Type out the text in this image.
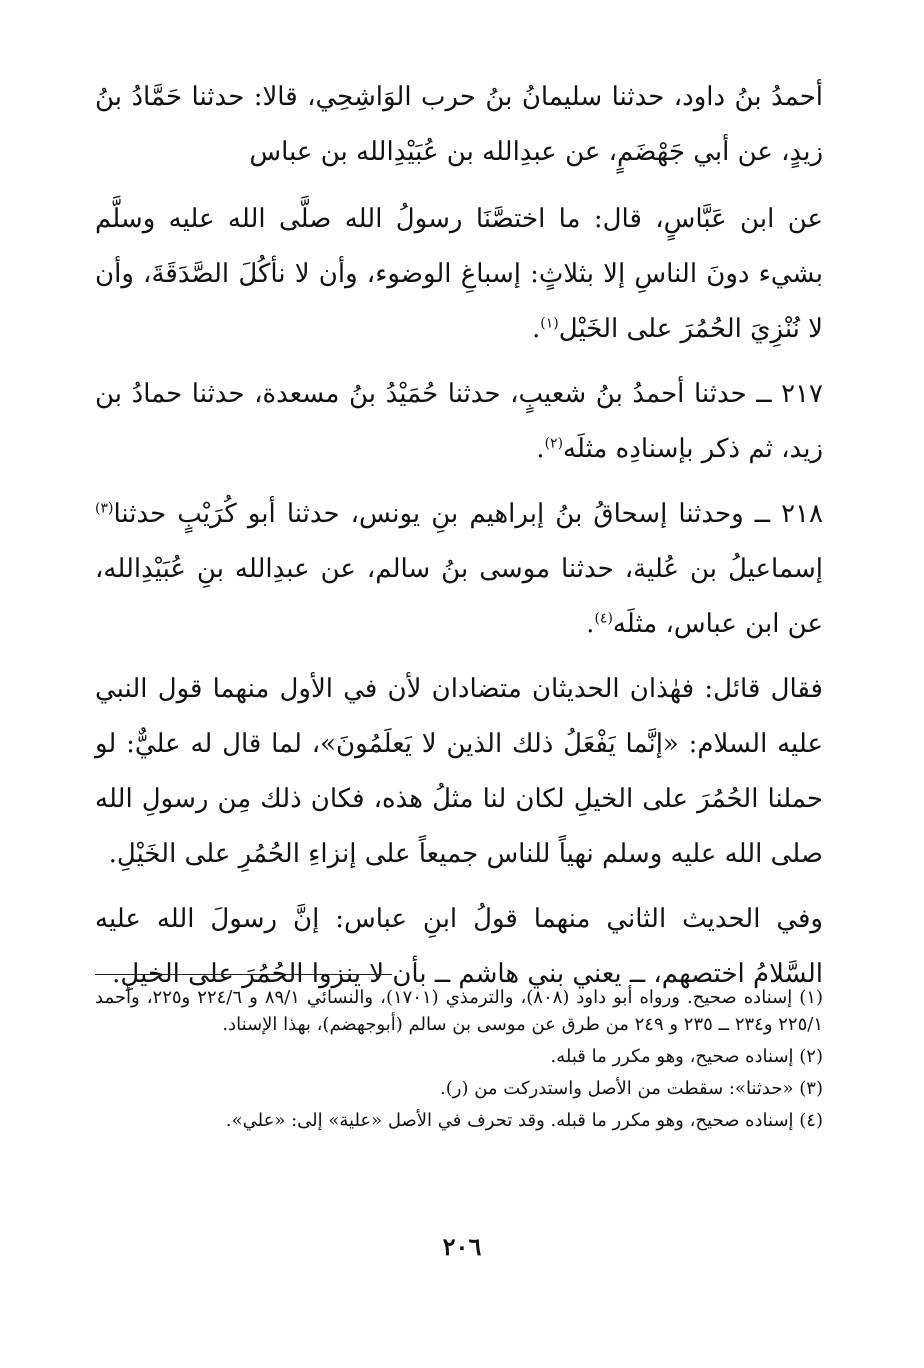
أحمدُ بنُ داود، حدثنا سليمانُ بنُ حرب الوَاشِحِي، قالا: حدثنا حَمَّادُ بنُ زيدٍ، عن أبي جَهْضَمٍ، عن عبدِالله بن عُبَيْدِالله بن عباس

عن ابن عَبَّاسٍ، قال: ما اختصَّنَا رسولُ الله صلَّى الله عليه وسلَّم بشيء دونَ الناسِ إلا بثلاثٍ: إسباغِ الوضوء، وأن لا نأكُلَ الصَّدَقَةَ، وأن لا نُنْزِيَ الحُمُرَ على الخَيْل$^{(١)}$.

٢١٧ ــ حدثنا أحمدُ بنُ شعيبٍ، حدثنا حُمَيْدُ بنُ مسعدة، حدثنا حمادُ بن زيد، ثم ذكر بإسنادِه مثلَه$^{(٢)}$.

٢١٨ ــ وحدثنا إسحاقُ بنُ إبراهيم بنِ يونس، حدثنا أبو كُرَيْبٍ حدثنا$^{(٣)}$ إسماعيلُ بن عُلية، حدثنا موسى بنُ سالم، عن عبدِالله بنِ عُبَيْدِالله، عن ابن عباس، مثلَه$^{(٤)}$.

فقال قائل: فهٰذان الحديثان متضادان لأن في الأول منهما قول النبي عليه السلام: «إنَّما يَفْعَلُ ذلك الذين لا يَعلَمُونَ»، لما قال له عليٌّ: لو حملنا الحُمُرَ على الخيلِ لكان لنا مثلُ هذه، فكان ذلك مِن رسولِ الله صلى الله عليه وسلم نهياً للناس جميعاً على إنزاءِ الحُمُرِ على الخَيْلِ.

وفي الحديث الثاني منهما قولُ ابنِ عباس: إنَّ رسولَ الله عليه السَّلامُ اختصهم، ــ يعني بني هاشم ــ بأن لا ينزوا الحُمُرَ على الخيلِ.

(١) إسناده صحيح. ورواه أبو داود (٨٠٨)، والترمذي (١٧٠١)، والنسائي ٨٩/١ و ٢٢٤/٦ و٢٢٥، وأحمد ٢٢٥/١ و٢٣٤ ــ ٢٣٥ و ٢٤٩ من طرق عن موسى بن سالم (أبوجهضم)، بهذا الإسناد.

(٢) إسناده صحيح، وهو مكرر ما قبله.

(٣) «حدثنا»: سقطت من الأصل واستدركت من (ر).

(٤) إسناده صحيح، وهو مكرر ما قبله. وقد تحرف في الأصل «علية» إلى: «علي».

٢٠٦
